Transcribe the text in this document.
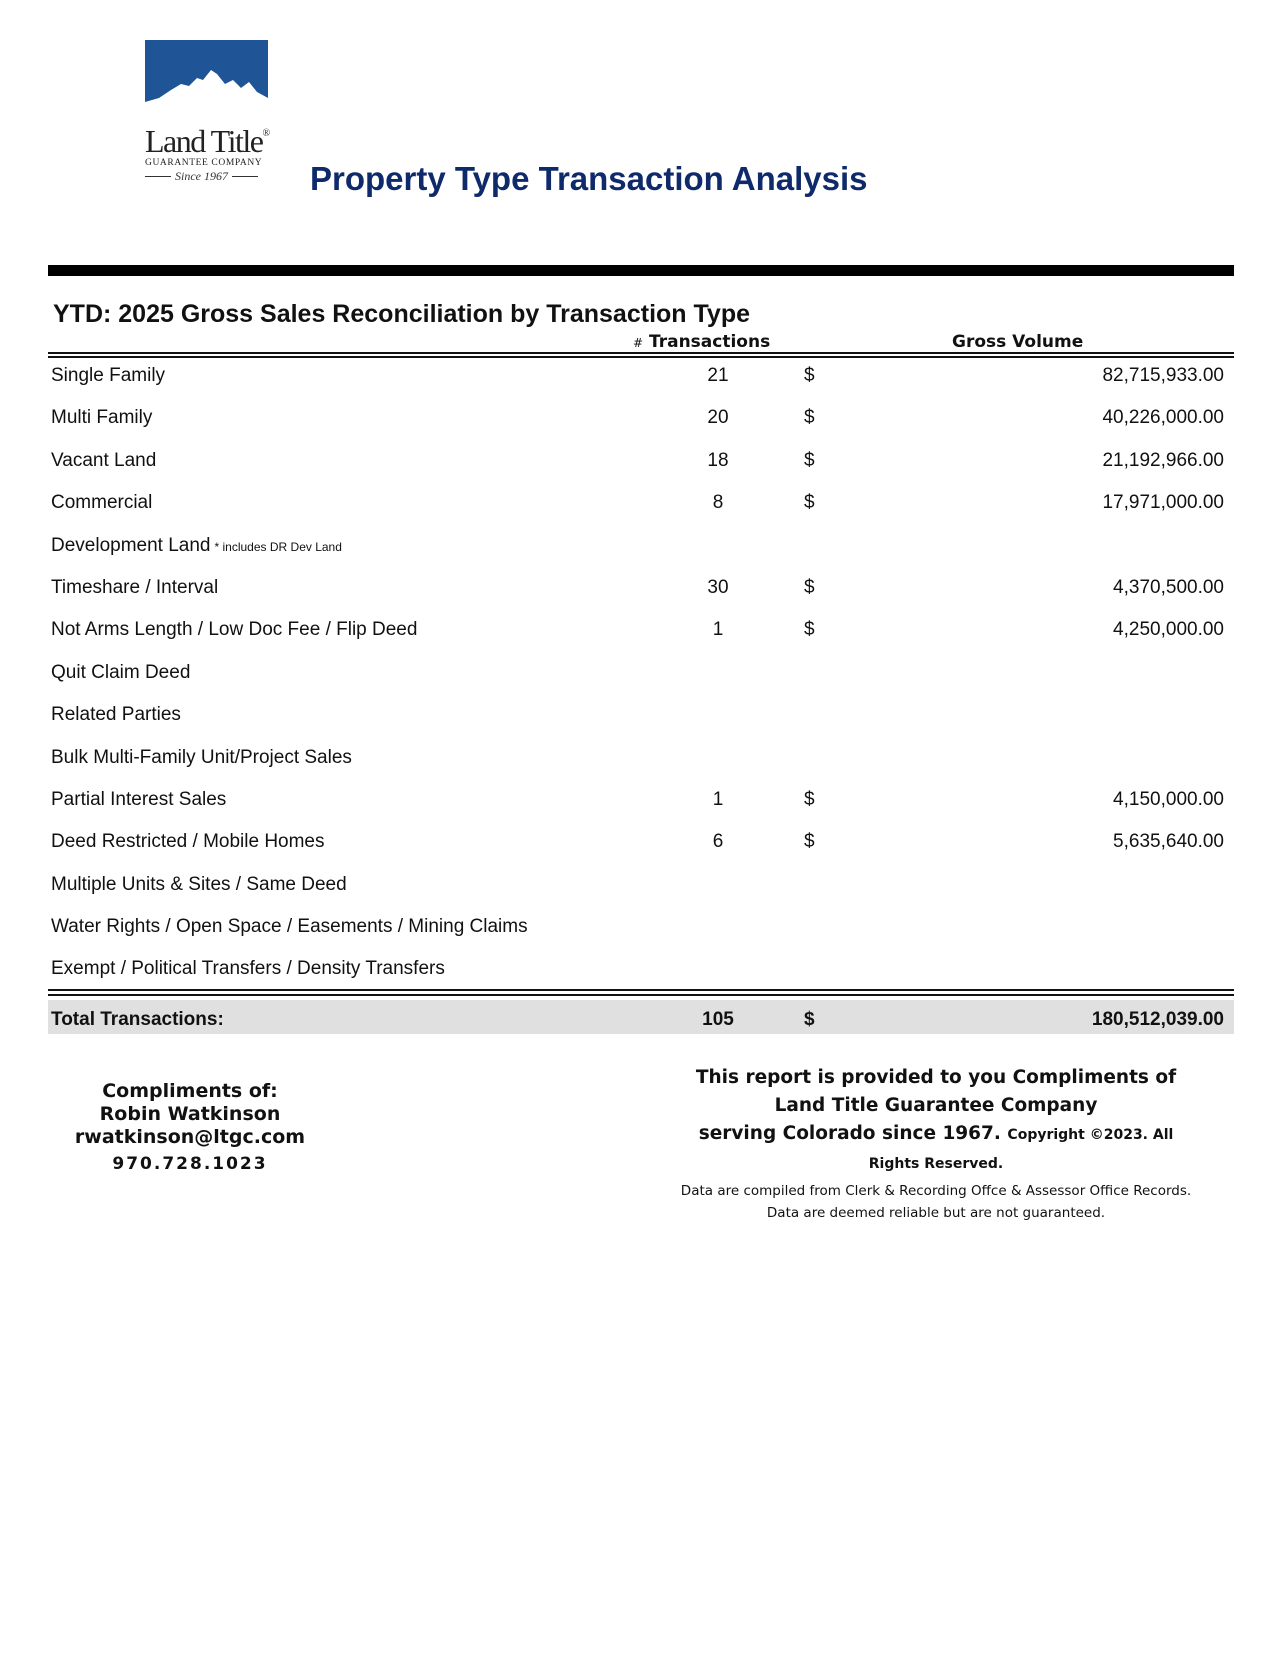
Land Title®
GUARANTEE COMPANY
Since 1967 Property Type Transaction Analysis
YTD: 2025 Gross Sales Reconciliation by Transaction Type
# Transactions	Gross Volume
Single Family	21	$	82,715,933.00
Multi Family	20	$	40,226,000.00
Vacant Land	18	$	21,192,966.00
Commercial	8	$	17,971,000.00
Development Land * includes DR Dev Land
Timeshare / Interval	30	$	4,370,500.00
Not Arms Length / Low Doc Fee / Flip Deed	1	$	4,250,000.00
Quit Claim Deed
Related Parties
Bulk Multi-Family Unit/Project Sales
Partial Interest Sales	1	$	4,150,000.00
Deed Restricted / Mobile Homes	6	$	5,635,640.00
Multiple Units & Sites / Same Deed
Water Rights / Open Space / Easements / Mining Claims
Exempt / Political Transfers / Density Transfers
Total Transactions:	105	$	180,512,039.00
Compliments of:
Robin Watkinson
rwatkinson@ltgc.com
970.728.1023
This report is provided to you Compliments of Land Title Guarantee Company
serving Colorado since 1967. Copyright ©2023. All Rights Reserved.
Data are compiled from Clerk & Recording Offce & Assessor Office Records. Data are deemed reliable but are not guaranteed.
